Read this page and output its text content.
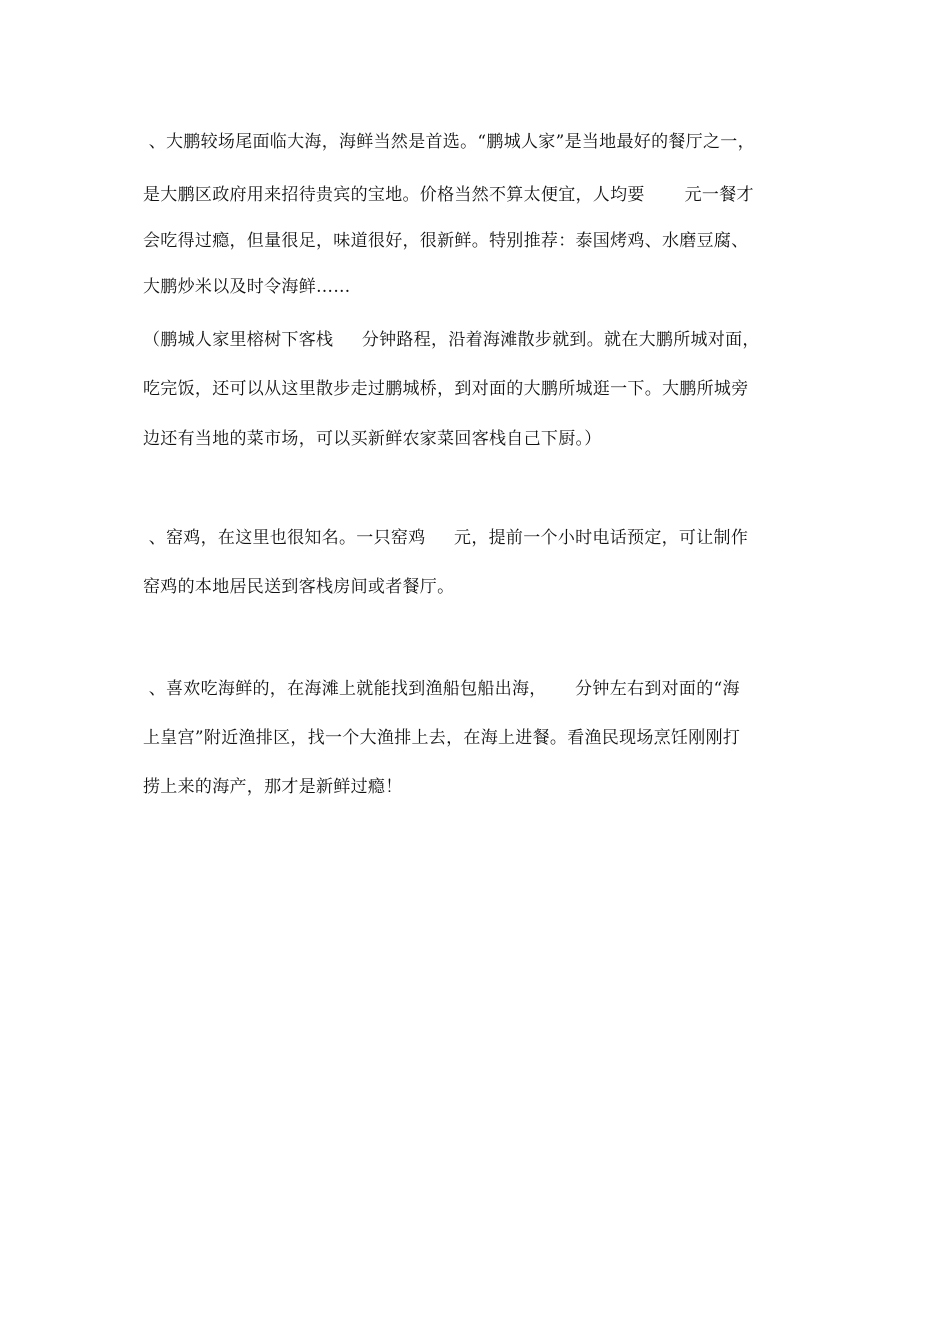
、大鹏较场尾面临大海，海鲜当然是首选。“鹏城人家”是当地最好的餐厅之一，
是大鹏区政府用来招待贵宾的宝地。价格当然不算太便宜，人均要       元一餐才
会吃得过瘾，但量很足，味道很好，很新鲜。特别推荐：泰国烤鸡、水磨豆腐、
大鹏炒米以及时令海鲜……
（鹏城人家里榕树下客栈     分钟路程，沿着海滩散步就到。就在大鹏所城对面，
吃完饭，还可以从这里散步走过鹏城桥，到对面的大鹏所城逛一下。大鹏所城旁
边还有当地的菜市场，可以买新鲜农家菜回客栈自己下厨。）
、窑鸡，在这里也很知名。一只窑鸡     元，提前一个小时电话预定，可让制作
窑鸡的本地居民送到客栈房间或者餐厅。
、喜欢吃海鲜的，在海滩上就能找到渔船包船出海，     分钟左右到对面的“海
上皇宫”附近渔排区，找一个大渔排上去，在海上进餐。看渔民现场烹饪刚刚打
捞上来的海产，那才是新鲜过瘾！
